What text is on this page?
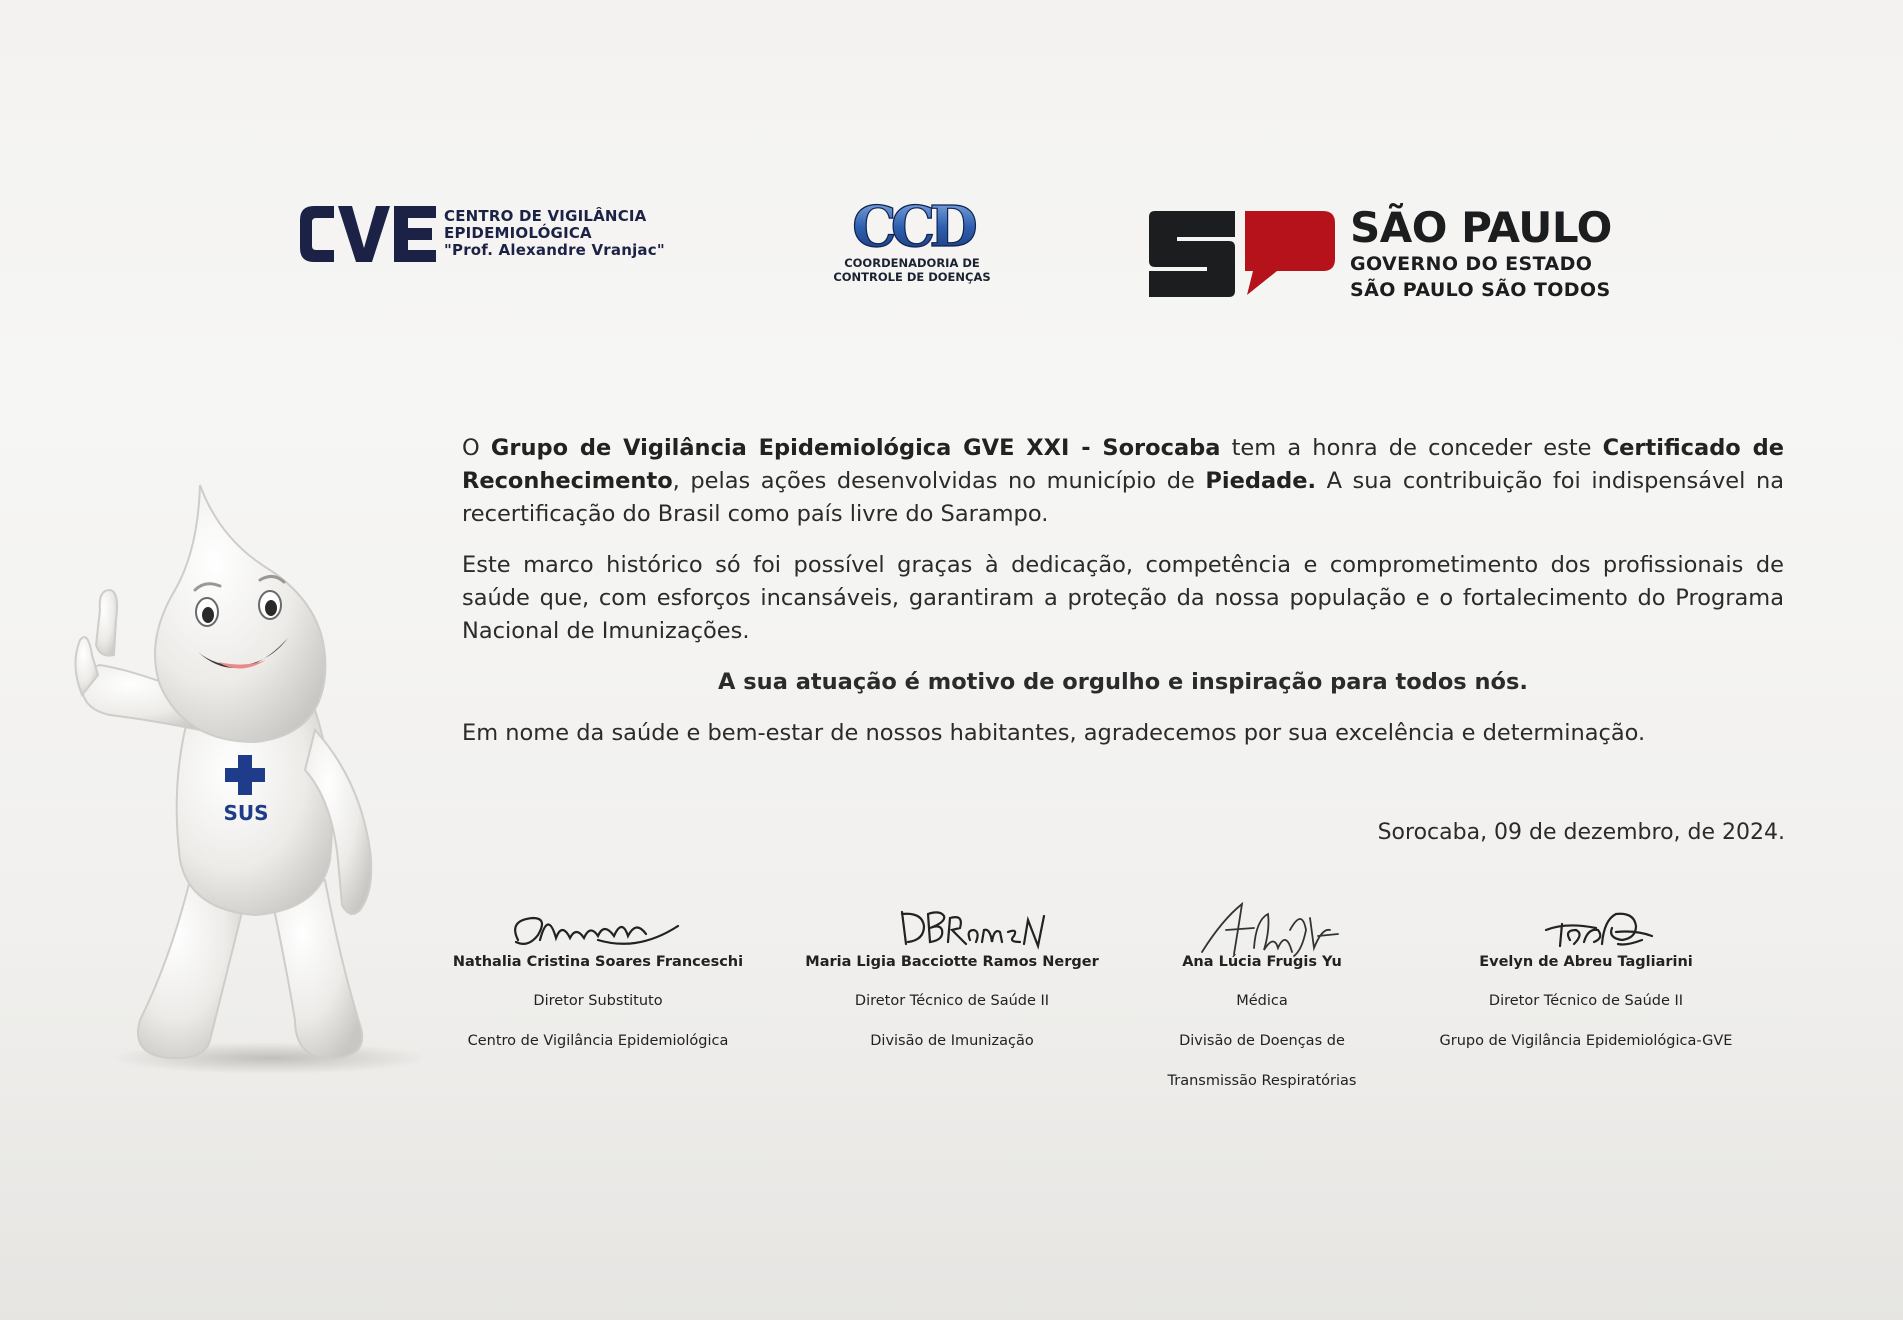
CENTRO DE VIGILÂNCIA
EPIDEMIOLÓGICA
"Prof. Alexandre Vranjac"	CCD
COORDENADORIA DE
CONTROLE DE DOENÇAS
SÃO PAULO
GOVERNO DO ESTADO
SÃO PAULO SÃO TODOS
SUS

O Grupo de Vigilância Epidemiológica GVE XXI - Sorocaba tem a honra de conceder este Certificado de Reconhecimento, pelas ações desenvolvidas no município de Piedade. A sua contribuição foi indispensável na recertificação do Brasil como país livre do Sarampo.

Este marco histórico só foi possível graças à dedicação, competência e comprometimento dos profissionais de saúde que, com esforços incansáveis, garantiram a proteção da nossa população e o fortalecimento do Programa Nacional de Imunizações.

A sua atuação é motivo de orgulho e inspiração para todos nós.

Em nome da saúde e bem-estar de nossos habitantes, agradecemos por sua excelência e determinação.

Sorocaba, 09 de dezembro, de 2024.
Nathalia Cristina Soares Franceschi
Diretor Substituto
Centro de Vigilância Epidemiológica
Maria Ligia Bacciotte Ramos Nerger
Diretor Técnico de Saúde II
Divisão de Imunização
Ana Lúcia Frugis Yu
Médica
Divisão de Doenças de
Transmissão Respiratórias
Evelyn de Abreu Tagliarini
Diretor Técnico de Saúde II
Grupo de Vigilância Epidemiológica-GVE
